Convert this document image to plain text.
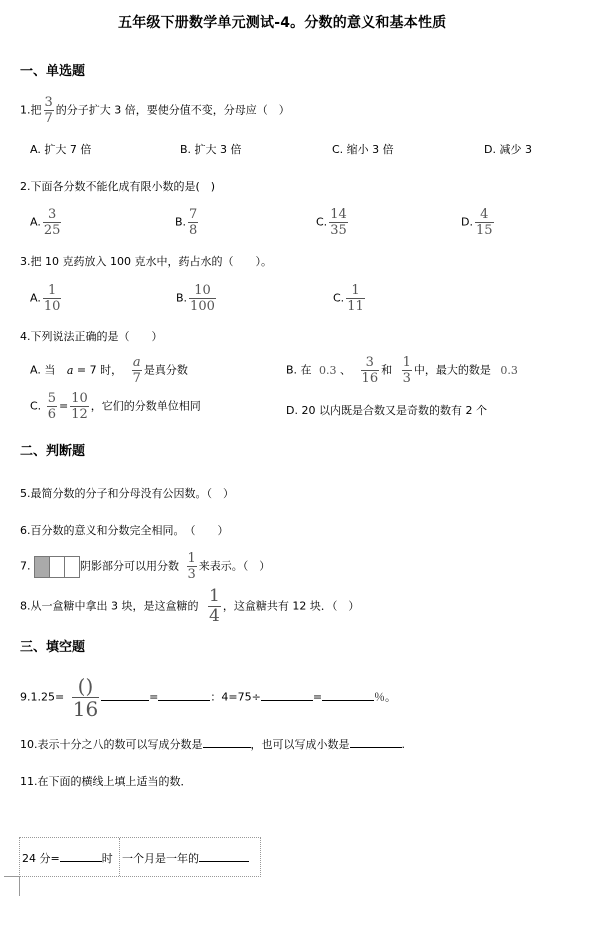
五年级下册数学单元测试-4。分数的意义和基本性质
一、单选题
1.把 $\frac{3}{7}$ 的分子扩大 3 倍，要使分值不变，分母应（　）
A. 扩大 7 倍	B. 扩大 3 倍	C. 缩小 3 倍	D. 减少 3
2.下面各分数不能化成有限小数的是(　)
A. $\frac{3}{25}$	B. $\frac{7}{8}$	C. $\frac{14}{35}$	D. $\frac{4}{15}$
3.把 10 克药放入 100 克水中，药占水的（　　）。
A. $\frac{1}{10}$	B. $\frac{10}{100}$	C. $\frac{1}{11}$
4.下列说法正确的是（　　）
A. 当 a = 7 时， $\frac{a}{7}$ 是真分数	B. 在 0.3 、 $\frac{3}{16}$ 和 $\frac{1}{3}$ 中，最大的数是 0.3
C. $\frac{5}{6} = \frac{10}{12}$ ，它们的分数单位相同	D. 20 以内既是合数又是奇数的数有 2 个
二、判断题
5.最简分数的分子和分母没有公因数。（　）
6.百分数的意义和分数完全相同。　（　　）
7.	阴影部分可以用分数 $\frac{1}{3}$ 来表示。（　）
8.从一盒糖中拿出 3 块，是这盒糖的 $\frac{1}{4}$ ，这盒糖共有 12 块．（　）
三、填空题
$9.1.25= \frac{()}{16}$	=	：4=75÷	=	％。
10.表示十分之八的数可以写成分数是	，也可以写成小数是	.
11.在下面的横线上填上适当的数．
24 分=	时 一个月是一年的
